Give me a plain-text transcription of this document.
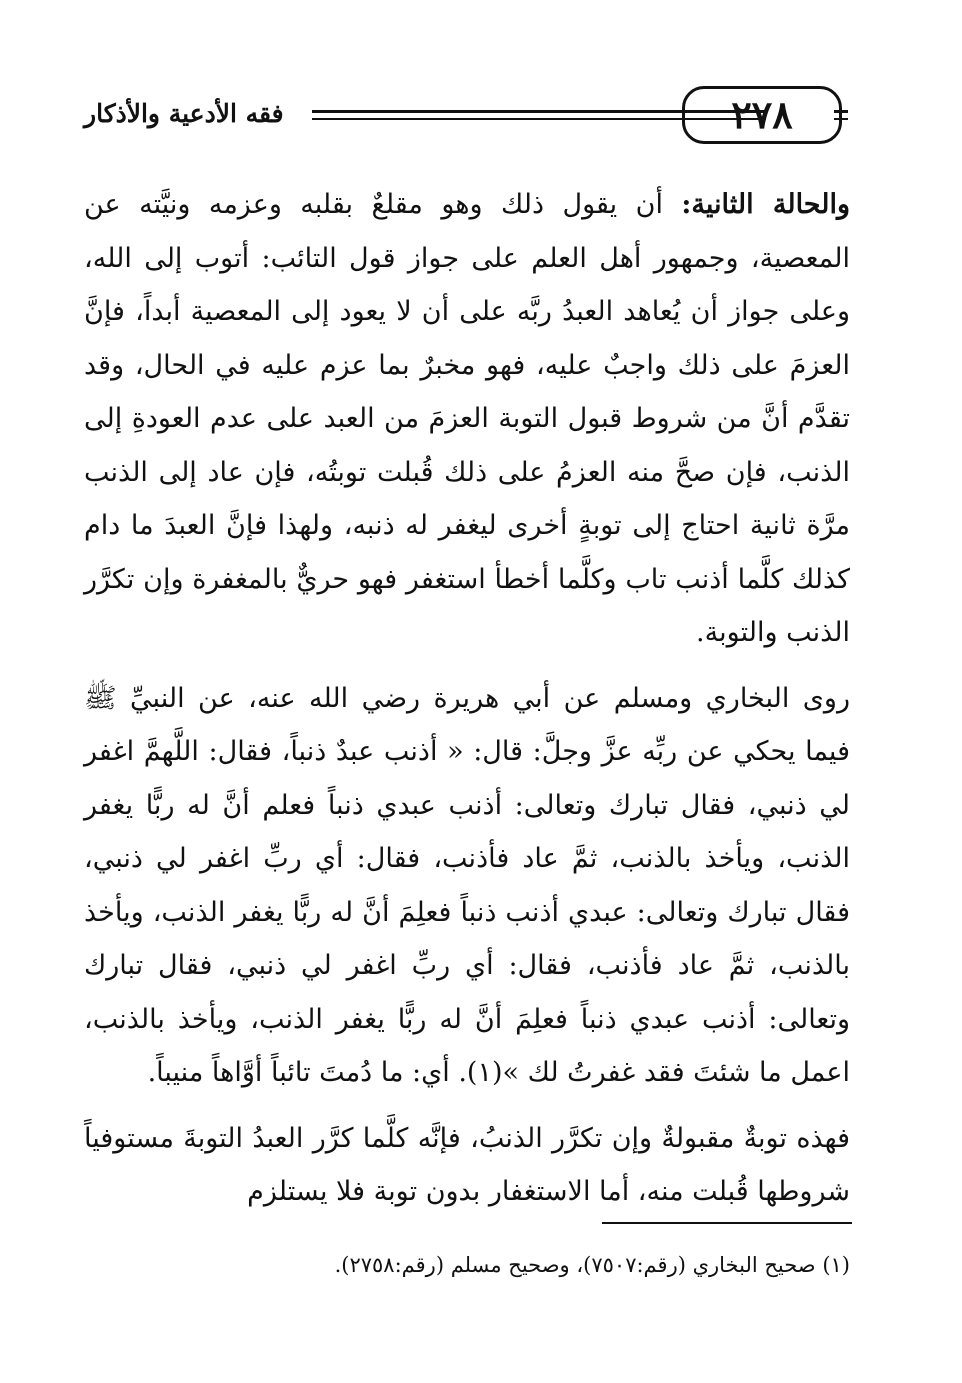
فقه الأدعية والأذكار	٢٧٨

والحالة الثانية: أن يقول ذلك وهو مقلعٌ بقلبه وعزمه ونيَّته عن المعصية، وجمهور أهل العلم على جواز قول التائب: أتوب إلى الله، وعلى جواز أن يُعاهد العبدُ ربَّه على أن لا يعود إلى المعصية أبداً، فإنَّ العزمَ على ذلك واجبٌ عليه، فهو مخبرٌ بما عزم عليه في الحال، وقد تقدَّم أنَّ من شروط قبول التوبة العزمَ من العبد على عدم العودةِ إلى الذنب، فإن صحَّ منه العزمُ على ذلك قُبلت توبتُه، فإن عاد إلى الذنب مرَّة ثانية احتاج إلى توبةٍ أخرى ليغفر له ذنبه، ولهذا فإنَّ العبدَ ما دام كذلك كلَّما أذنب تاب وكلَّما أخطأ استغفر فهو حريٌّ بالمغفرة وإن تكرَّر الذنب والتوبة.

روى البخاري ومسلم عن أبي هريرة رضي الله عنه، عن النبيِّ ﷺ فيما يحكي عن ربِّه عزَّ وجلَّ: قال: « أذنب عبدٌ ذنباً، فقال: اللَّهمَّ اغفر لي ذنبي، فقال تبارك وتعالى: أذنب عبدي ذنباً فعلم أنَّ له ربًّا يغفر الذنب، ويأخذ بالذنب، ثمَّ عاد فأذنب، فقال: أي ربِّ اغفر لي ذنبي، فقال تبارك وتعالى: عبدي أذنب ذنباً فعلِمَ أنَّ له ربًّا يغفر الذنب، ويأخذ بالذنب، ثمَّ عاد فأذنب، فقال: أي ربِّ اغفر لي ذنبي، فقال تبارك وتعالى: أذنب عبدي ذنباً فعلِمَ أنَّ له ربًّا يغفر الذنب، ويأخذ بالذنب، اعمل ما شئتَ فقد غفرتُ لك »(١). أي: ما دُمتَ تائباً أوَّاهاً منيباً.

فهذه توبةٌ مقبولةٌ وإن تكرَّر الذنبُ، فإنَّه كلَّما كرَّر العبدُ التوبةَ مستوفياً شروطها قُبلت منه، أما الاستغفار بدون توبة فلا يستلزم

(١) صحيح البخاري (رقم:٧٥٠٧)، وصحيح مسلم (رقم:٢٧٥٨).
